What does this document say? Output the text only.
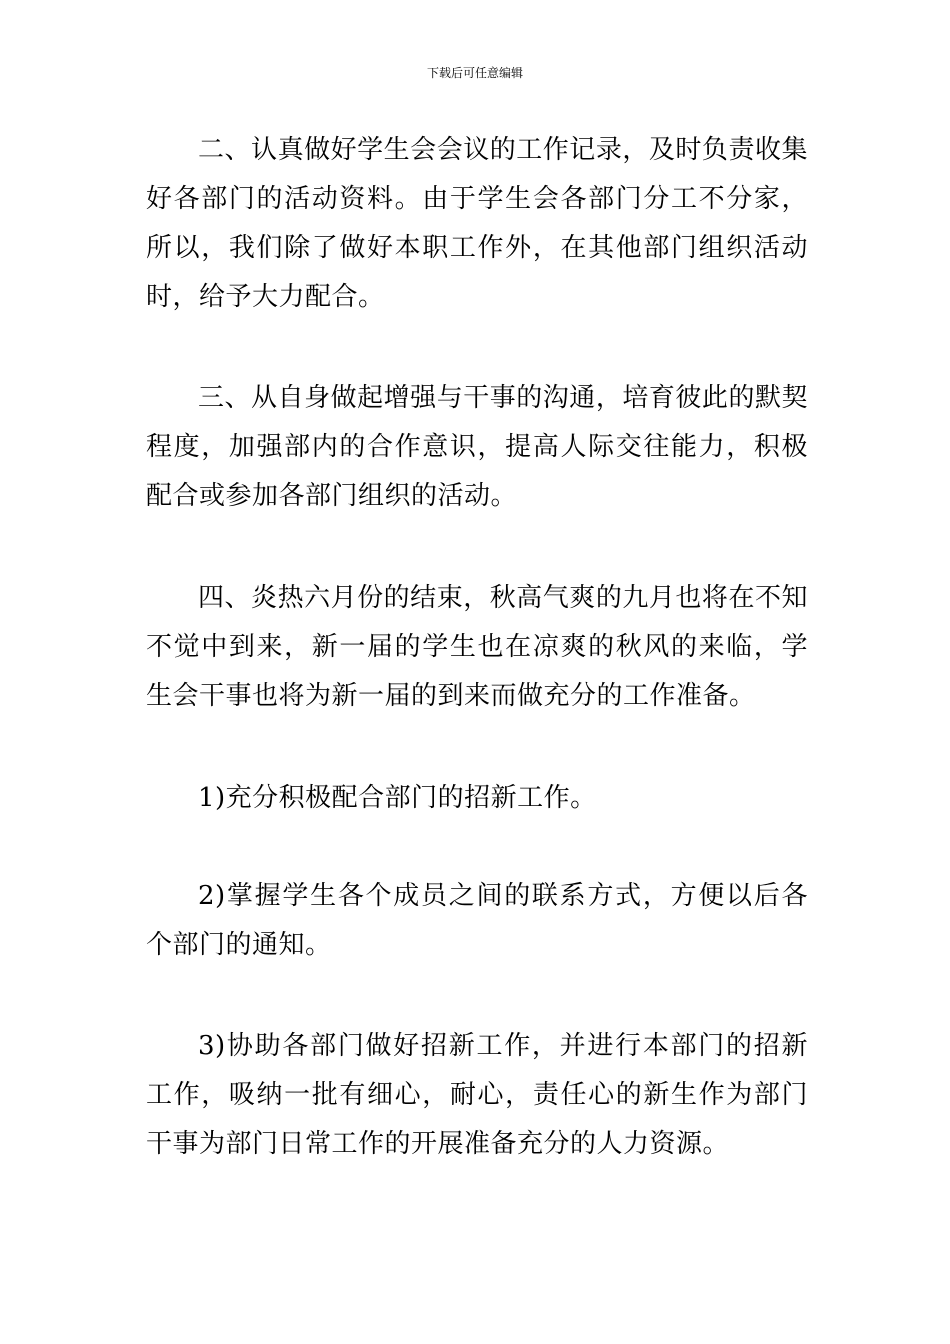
下载后可任意编辑
二、认真做好学生会会议的工作记录，及时负责收集好各部门的活动资料。由于学生会各部门分工不分家，所以，我们除了做好本职工作外，在其他部门组织活动时，给予大力配合。
三、从自身做起增强与干事的沟通，培育彼此的默契程度，加强部内的合作意识，提高人际交往能力，积极配合或参加各部门组织的活动。
四、炎热六月份的结束，秋高气爽的九月也将在不知不觉中到来，新一届的学生也在凉爽的秋风的来临，学生会干事也将为新一届的到来而做充分的工作准备。
1)充分积极配合部门的招新工作。
2)掌握学生各个成员之间的联系方式，方便以后各个部门的通知。
3)协助各部门做好招新工作，并进行本部门的招新工作，吸纳一批有细心，耐心，责任心的新生作为部门干事为部门日常工作的开展准备充分的人力资源。
